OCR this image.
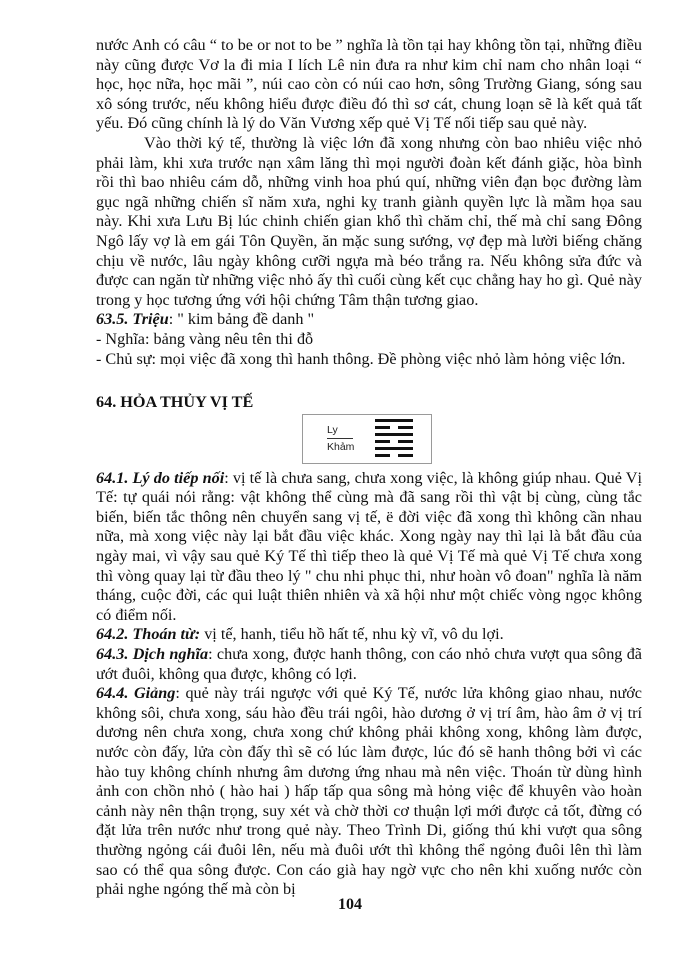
nước Anh có câu “ to be or not to be ” nghĩa là tồn tại hay không tồn tại, những điều này cũng được Vơ la đi mia I lích Lê nin đưa ra như kim chỉ nam cho nhân loại “ học, học nữa, học mãi ”, núi cao còn có núi cao hơn, sông Trường Giang, sóng sau xô sóng trước, nếu không hiểu được điều đó thì sơ cát, chung loạn sẽ là kết quả tất yếu. Đó cũng chính là lý do Văn Vương xếp quẻ Vị Tế nối tiếp sau quẻ này.

Vào thời ký tế, thường là việc lớn đã xong nhưng còn bao nhiêu việc nhỏ phải làm, khi xưa trước nạn xâm lăng thì mọi người đoàn kết đánh giặc, hòa bình rồi thì bao nhiêu cám dỗ, những vinh hoa phú quí, những viên đạn bọc đường làm gục ngã những chiến sĩ năm xưa, nghi kỵ tranh giành quyền lực là mầm họa sau này. Khi xưa Lưu Bị lúc chinh chiến gian khổ thì chăm chỉ, thế mà chỉ sang Đông Ngô lấy vợ là em gái Tôn Quyền, ăn mặc sung sướng, vợ đẹp mà lười biếng chăng chịu về nước, lâu ngày không cưỡi ngựa mà béo trắng ra. Nếu không sửa đức và được can ngăn từ những việc nhỏ ấy thì cuối cùng kết cục chẳng hay ho gì. Quẻ này trong y học tương ứng với hội chứng Tâm thận tương giao.

63.5. Triệu: " kim bảng đề danh "

- Nghĩa: bảng vàng nêu tên thi đỗ

- Chủ sự: mọi việc đã xong thì hanh thông. Đề phòng việc nhỏ làm hỏng việc lớn.

64. HỎA THỦY VỊ TẾ
Ly
Khảm

64.1. Lý do tiếp nối: vị tế là chưa sang, chưa xong việc, là không giúp nhau. Quẻ Vị Tế: tự quái nói rằng: vật không thể cùng mà đã sang rồi thì vật bị cùng, cùng tắc biến, biến tắc thông nên chuyển sang vị tế, ë đời việc đã xong thì không cần nhau nữa, mà xong việc này lại bắt đầu việc khác. Xong ngày nay thì lại là bắt đầu của ngày mai, vì vậy sau quẻ Ký Tế thì tiếp theo là quẻ Vị Tế mà quẻ Vị Tế chưa xong thì vòng quay lại từ đầu theo lý " chu nhi phục thi, như hoàn vô đoan" nghĩa là năm tháng, cuộc đời, các qui luật thiên nhiên và xã hội như một chiếc vòng ngọc không có điểm nối.

64.2. Thoán từ: vị tế, hanh, tiểu hồ hất tế, nhu kỳ vĩ, vô du lợi.

64.3. Dịch nghĩa: chưa xong, được hanh thông, con cáo nhỏ chưa vượt qua sông đã ướt đuôi, không qua được, không có lợi.

64.4. Giảng: quẻ này trái ngược với quẻ Ký Tế, nước lửa không giao nhau, nước không sôi, chưa xong, sáu hào đều trái ngôi, hào dương ở vị trí âm, hào âm ở vị trí dương nên chưa xong, chưa xong chứ không phải không xong, không làm được, nước còn đấy, lửa còn đấy thì sẽ có lúc làm được, lúc đó sẽ hanh thông bởi vì các hào tuy không chính nhưng âm dương ứng nhau mà nên việc. Thoán từ dùng hình ảnh con chồn nhỏ ( hào hai ) hấp tấp qua sông mà hỏng việc để khuyên vào hoàn cảnh này nên thận trọng, suy xét và chờ thời cơ thuận lợi mới được cả tốt, đừng có đặt lửa trên nước như trong quẻ này. Theo Trình Di, giống thú khi vượt qua sông thường ngỏng cái đuôi lên, nếu mà đuôi ướt thì không thể ngỏng đuôi lên thì làm sao có thể qua sông được. Con cáo già hay ngờ vực cho nên khi xuống nước còn phải nghe ngóng thế mà còn bị

104
